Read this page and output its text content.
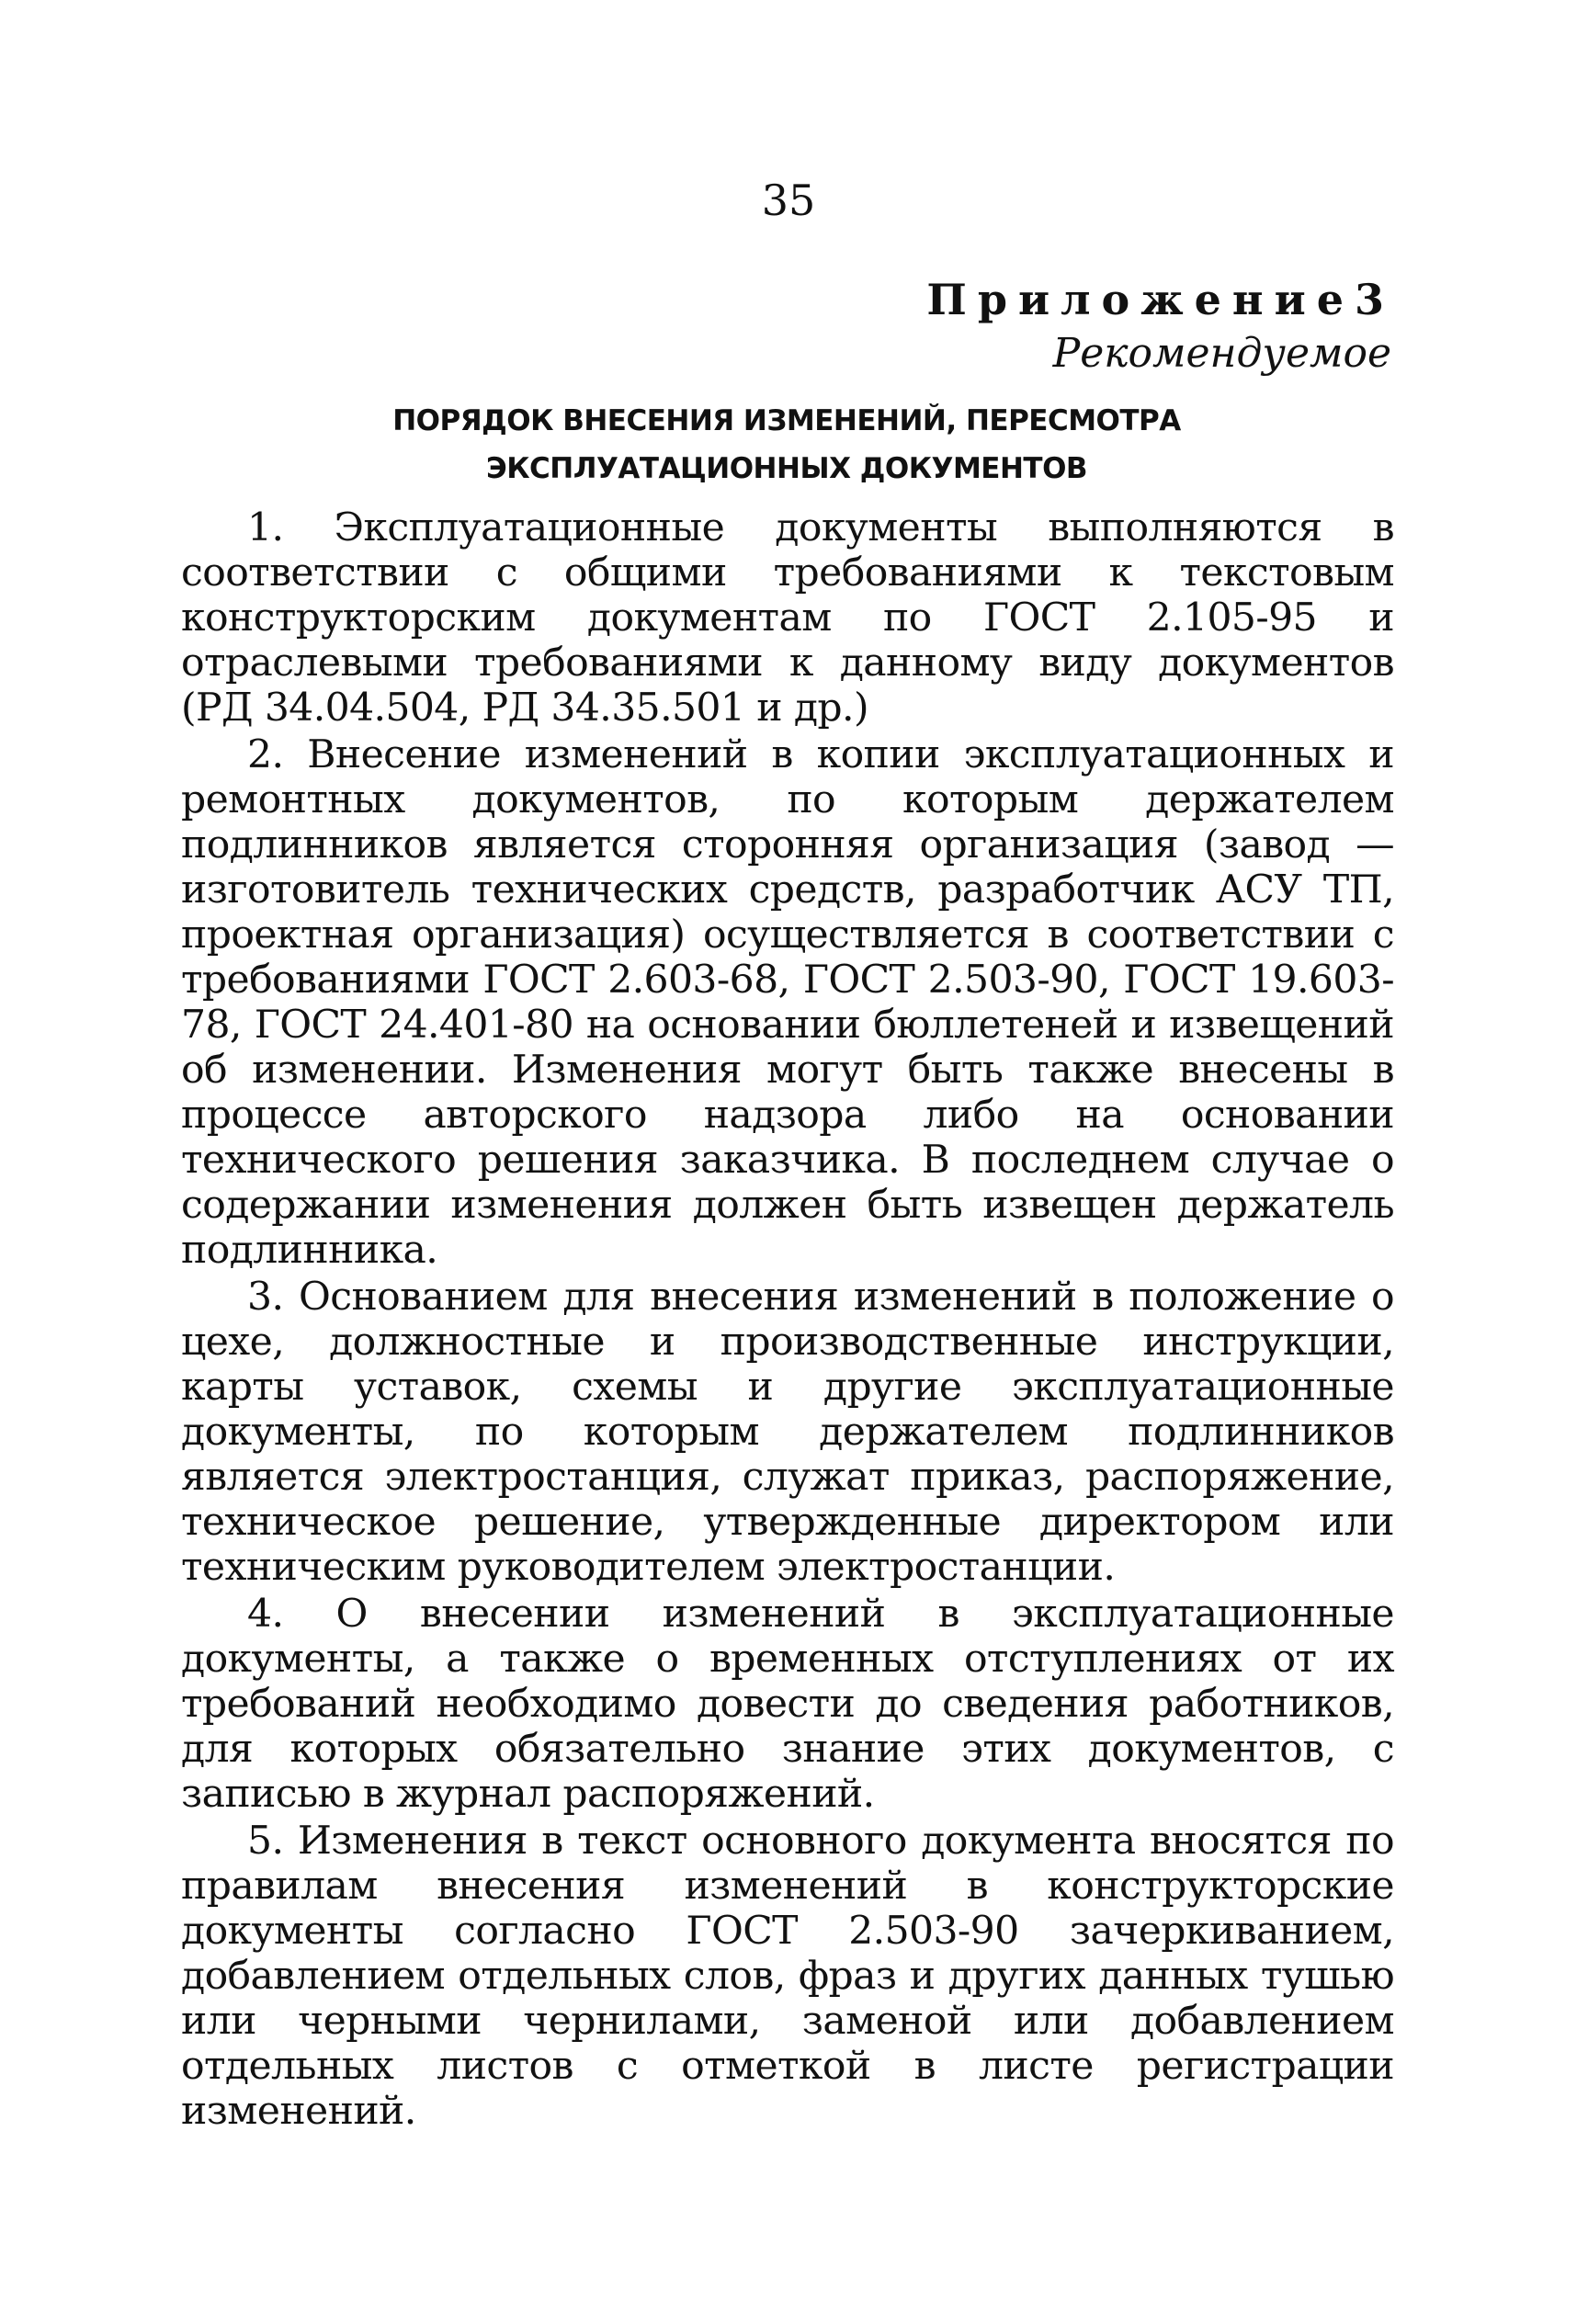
35
Приложение3
Рекомендуемое
ПОРЯДОК ВНЕСЕНИЯ ИЗМЕНЕНИЙ, ПЕРЕСМОТРА
ЭКСПЛУАТАЦИОННЫХ ДОКУМЕНТОВ

1. Эксплуатационные документы выполняются в соответствии с общими требованиями к текстовым конструкторским документам по ГОСТ 2.105-95 и отраслевыми требованиями к данному виду документов (РД 34.04.504, РД 34.35.501 и др.)

2. Внесение изменений в копии эксплуатационных и ремонтных документов, по которым держателем подлинников является сторонняя организация (завод — изготовитель технических средств, разработчик АСУ ТП, проектная организация) осуществляется в соответствии с требованиями ГОСТ 2.603-68, ГОСТ 2.503-90, ГОСТ 19.603-78, ГОСТ 24.401-80 на основании бюллетеней и извещений об изменении. Изменения могут быть также внесены в процессе авторского надзора либо на основании технического решения заказчика. В последнем случае о содержании изменения должен быть извещен держатель подлинника.

3. Основанием для внесения изменений в положение о цехе, должностные и производственные инструкции, карты уставок, схемы и другие эксплуатационные документы, по которым держателем подлинников является электростанция, служат приказ, распоряжение, техническое решение, утвержденные директором или техническим руководителем электростанции.

4. О внесении изменений в эксплуатационные документы, а также о временных отступлениях от их требований необходимо довести до сведения работников, для которых обязательно знание этих документов, с записью в журнал распоряжений.

5. Изменения в текст основного документа вносятся по правилам внесения изменений в конструкторские документы согласно ГОСТ 2.503-90 зачеркиванием, добавлением отдельных слов, фраз и других данных тушью или черными чернилами, заменой или добавлением отдельных листов с отметкой в листе регистрации изменений.
